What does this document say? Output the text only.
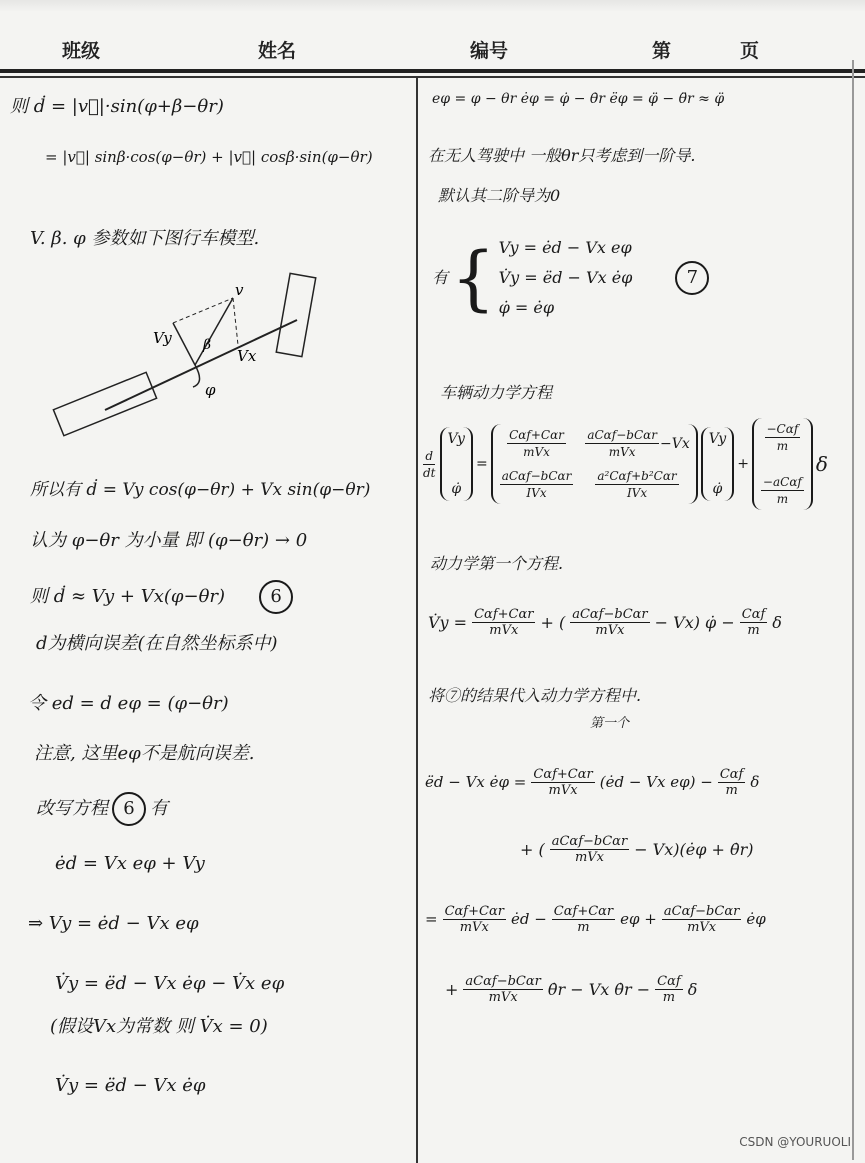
班级	姓名	编号	第	页
则 ḋ = |v⃗|·sin(φ+β−θr)
= |v⃗| sinβ·cos(φ−θr) + |v⃗| cosβ·sin(φ−θr)
V. β. φ 参数如下图行车模型.
v
Vy β
Vx
φ
所以有 ḋ = Vy cos(φ−θr) + Vx sin(φ−θr)
认为 φ−θr 为小量 即 (φ−θr) → 0
则 ḋ ≈ Vy + Vx(φ−θr)	6
d为横向误差(在自然坐标系中)
令 ed = d eφ = (φ−θr)
注意, 这里eφ不是航向误差.
改写方程 6 有
ėd = Vx eφ + Vy
⇒ Vy = ėd − Vx eφ
V̇y = ëd − Vx ėφ − V̇x eφ
(假设Vx为常数 则 V̇x = 0)
V̇y = ëd − Vx ėφ
eφ = φ − θr ėφ = φ̇ − θ̇r ëφ = φ̈ − θ̈r ≈ φ̈
在无人驾驶中 一般θr只考虑到一阶导.
默认其二阶导为0
有 { Vy = ėd − Vx eφ
V̇y = ëd − Vx ėφ
φ̇ = ėφ
7
车辆动力学方程
$\frac{d}{dt}$
Vy
φ̇
=
$\frac{\text{Cαf+Cαr}}{\text{mVx}} \frac{\text{aCαf−bCαr}}{\text{mVx}} -Vx$
$\frac{\text{aCαf−bCαr}}{\text{IVx}} \frac{\text{a²Cαf+b²Cαr}}{\text{IVx}}$
Vy
φ̇
+
$\frac{\text{−Cαf}}{m}$
$\frac{\text{−aCαf}}{m}$
δ
动力学第一个方程.
V̇y = $\frac{\text{Cαf+Cαr}}{\text{mVx}}$ + ( $\frac{\text{aCαf−bCαr}}{\text{mVx}} - Vx$) φ̇ − $\frac{\text{Cαf}}{m}$ δ
将⑦的结果代入动力学方程中.
第一个
ëd − Vx ėφ = $\frac{\text{Cαf+Cαr}}{\text{mVx}}$ (ėd − Vx $e\varphi) - \frac{\text{Cαf}}{m}$ δ
+ ( $\frac{\text{aCαf−bCαr}}{\text{mVx}}$ − Vx)(ėφ + θ̇r)
= $\frac{\text{Cαf+Cαr}}{\text{mVx}}$ ėd − $\frac{\text{Cαf+Cαr}}{m}$ $e\varphi + \frac{\text{aCαf−bCαr}}{\text{mVx}}$ ėφ
+ $\frac{\text{aCαf−bCαr}}{\text{mVx}}$ θ̇r − Vx θ̇r − $\frac{\text{Cαf}}{m}$ δ
CSDN @YOURUOLI
